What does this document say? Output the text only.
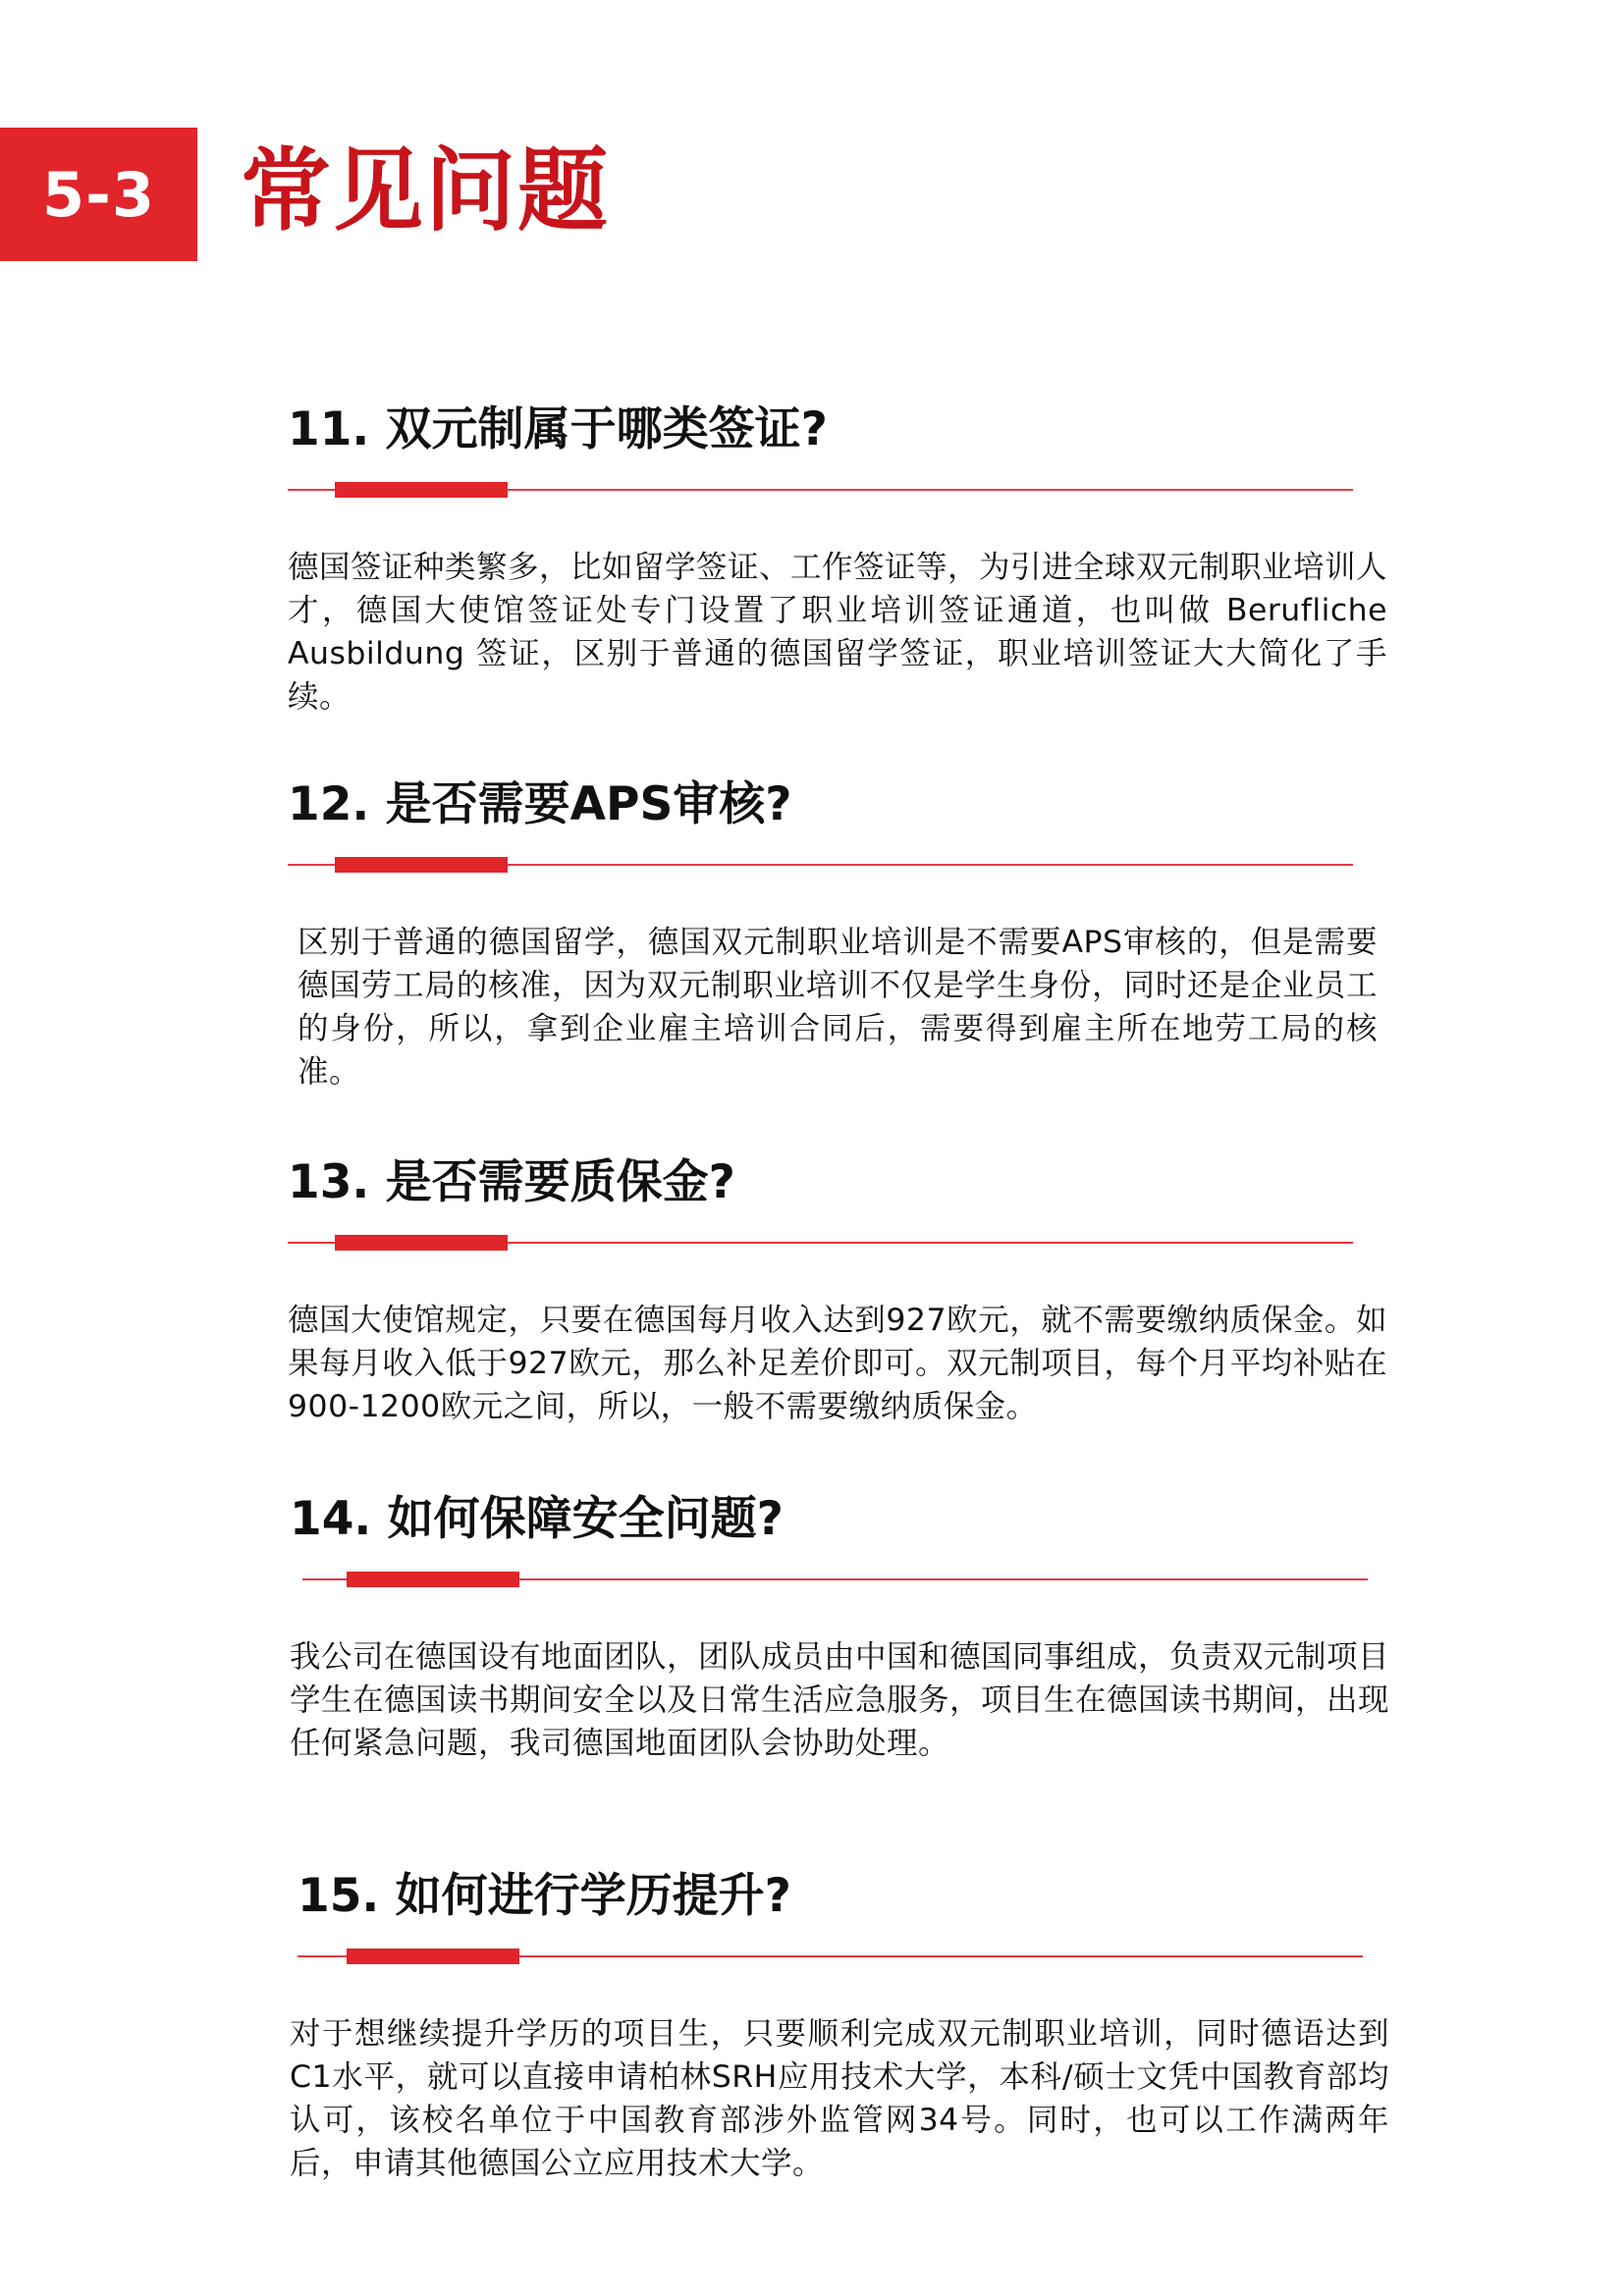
5-3 常见问题
11. 双元制属于哪类签证?

德国签证种类繁多，比如留学签证、工作签证等，为引进全球双元制职业培训人才，德国大使馆签证处专门设置了职业培训签证通道，也叫做 Berufliche Ausbildung 签证，区别于普通的德国留学签证，职业培训签证大大简化了手续。

12. 是否需要APS审核?

区别于普通的德国留学，德国双元制职业培训是不需要APS审核的，但是需要德国劳工局的核准，因为双元制职业培训不仅是学生身份，同时还是企业员工的身份，所以，拿到企业雇主培训合同后，需要得到雇主所在地劳工局的核准。

13. 是否需要质保金?

德国大使馆规定，只要在德国每月收入达到927欧元，就不需要缴纳质保金。如果每月收入低于927欧元，那么补足差价即可。双元制项目，每个月平均补贴在900-1200欧元之间，所以，一般不需要缴纳质保金。

14. 如何保障安全问题?

我公司在德国设有地面团队，团队成员由中国和德国同事组成，负责双元制项目学生在德国读书期间安全以及日常生活应急服务，项目生在德国读书期间，出现任何紧急问题，我司德国地面团队会协助处理。

15. 如何进行学历提升?

对于想继续提升学历的项目生，只要顺利完成双元制职业培训，同时德语达到C1水平，就可以直接申请柏林SRH应用技术大学，本科/硕士文凭中国教育部均认可，该校名单位于中国教育部涉外监管网34号。同时，也可以工作满两年后，申请其他德国公立应用技术大学。
